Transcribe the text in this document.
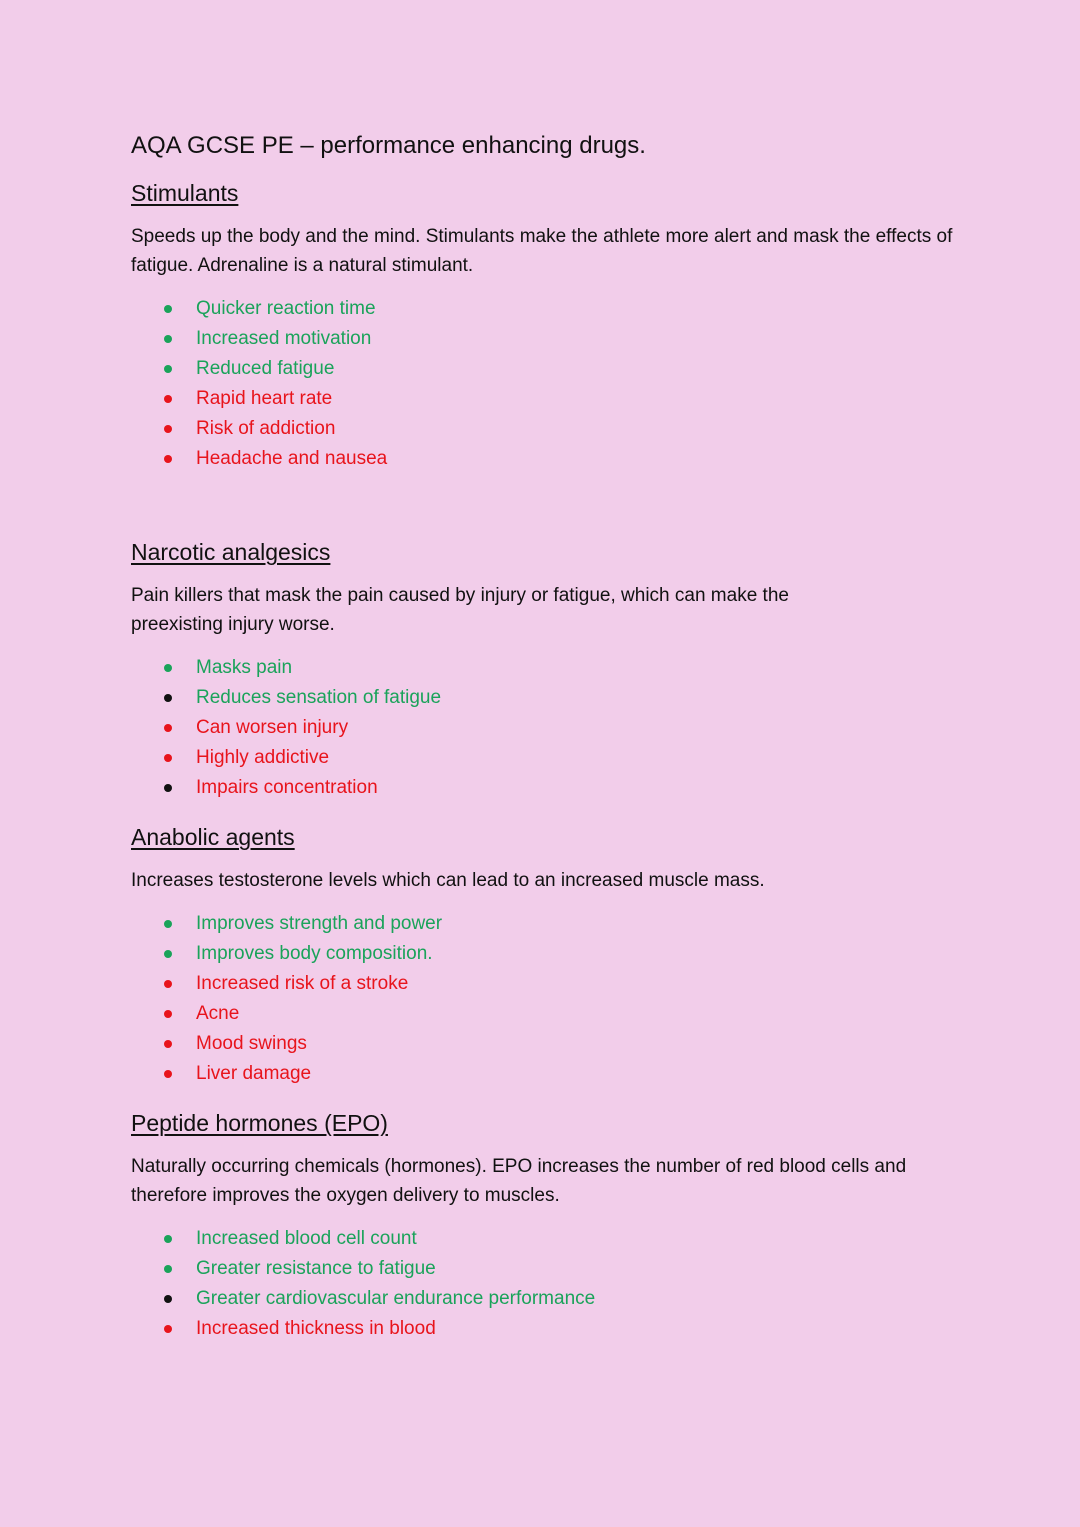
AQA GCSE PE – performance enhancing drugs.
Stimulants

Speeds up the body and the mind. Stimulants make the athlete more alert and mask the effects of fatigue. Adrenaline is a natural stimulant.

Quicker reaction time
Increased motivation
Reduced fatigue
Rapid heart rate
Risk of addiction
Headache and nausea
Narcotic analgesics

Pain killers that mask the pain caused by injury or fatigue, which can make the preexisting injury worse.

Masks pain
Reduces sensation of fatigue
Can worsen injury
Highly addictive
Impairs concentration
Anabolic agents

Increases testosterone levels which can lead to an increased muscle mass.

Improves strength and power
Improves body composition.
Increased risk of a stroke
Acne
Mood swings
Liver damage
Peptide hormones (EPO)

Naturally occurring chemicals (hormones). EPO increases the number of red blood cells and therefore improves the oxygen delivery to muscles.

Increased blood cell count
Greater resistance to fatigue
Greater cardiovascular endurance performance
Increased thickness in blood
